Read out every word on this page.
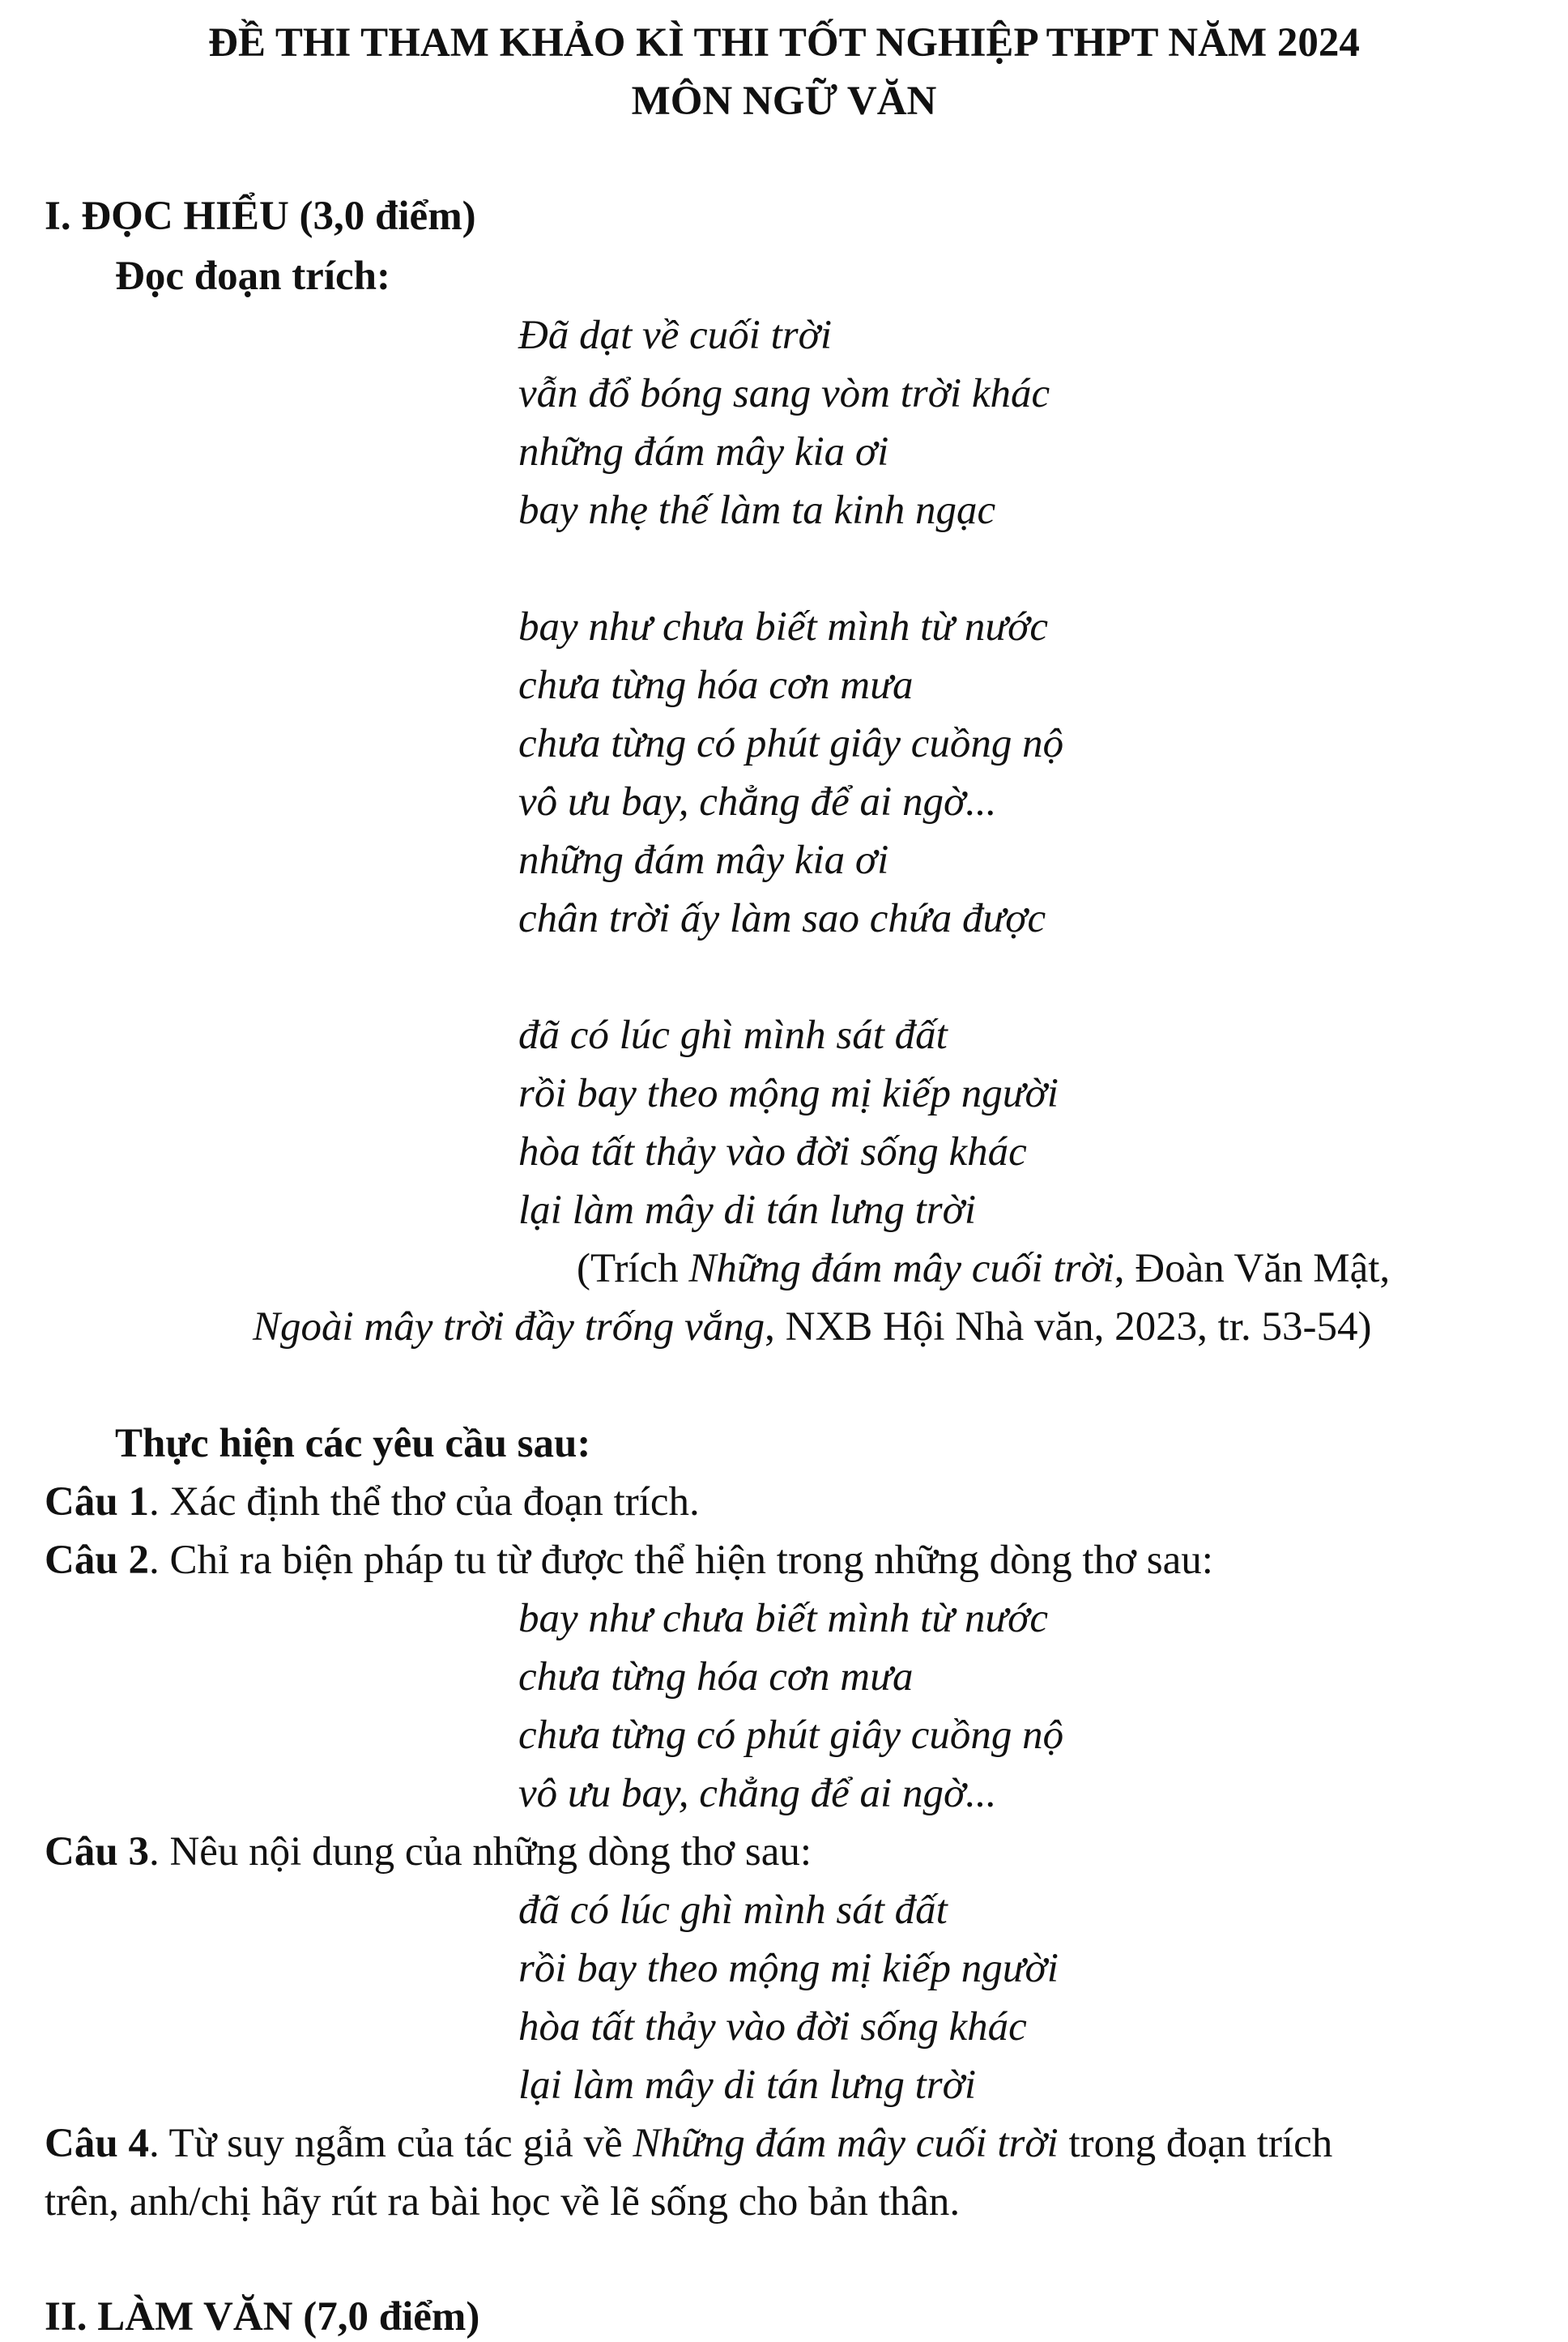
ĐỀ THI THAM KHẢO KÌ THI TỐT NGHIỆP THPT NĂM 2024
MÔN NGỮ VĂN
I. ĐỌC HIỂU (3,0 điểm)
Đọc đoạn trích:
Đã dạt về cuối trời
vẫn đổ bóng sang vòm trời khác
những đám mây kia ơi
bay nhẹ thế làm ta kinh ngạc
bay như chưa biết mình từ nước
chưa từng hóa cơn mưa
chưa từng có phút giây cuồng nộ
vô ưu bay, chẳng để ai ngờ...
những đám mây kia ơi
chân trời ấy làm sao chứa được
đã có lúc ghì mình sát đất
rồi bay theo mộng mị kiếp người
hòa tất thảy vào đời sống khác
lại làm mây di tán lưng trời
(Trích Những đám mây cuối trời, Đoàn Văn Mật,
Ngoài mây trời đầy trống vắng, NXB Hội Nhà văn, 2023, tr. 53-54)
Thực hiện các yêu cầu sau:
Câu 1. Xác định thể thơ của đoạn trích.
Câu 2. Chỉ ra biện pháp tu từ được thể hiện trong những dòng thơ sau:
bay như chưa biết mình từ nước
chưa từng hóa cơn mưa
chưa từng có phút giây cuồng nộ
vô ưu bay, chẳng để ai ngờ...
Câu 3. Nêu nội dung của những dòng thơ sau:
đã có lúc ghì mình sát đất
rồi bay theo mộng mị kiếp người
hòa tất thảy vào đời sống khác
lại làm mây di tán lưng trời
Câu 4. Từ suy ngẫm của tác giả về Những đám mây cuối trời trong đoạn trích
trên, anh/chị hãy rút ra bài học về lẽ sống cho bản thân.
II. LÀM VĂN (7,0 điểm)
